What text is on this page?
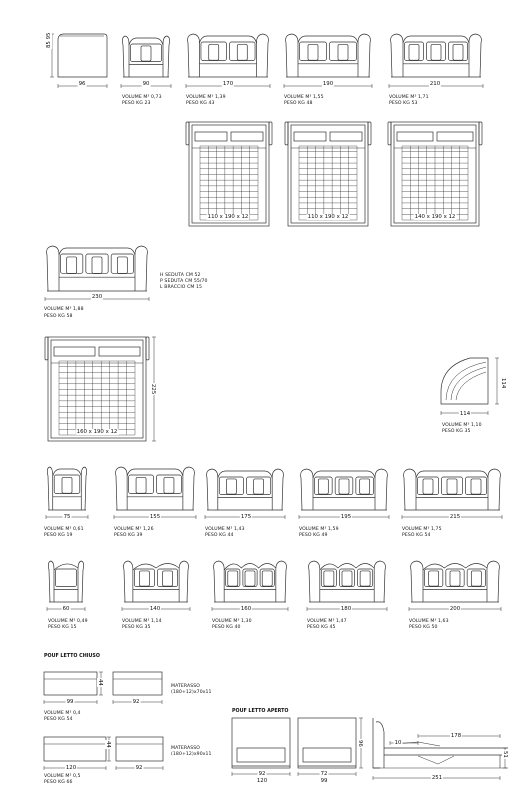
85 95
96	90	170	190	210
VOLUME M³ 0,73
PESO KG 23
VOLUME M³ 1,39
PESO KG 43
VOLUME M³ 1,55
PESO KG 48
VOLUME M³ 1,71
PESO KG 53
110 x 190 x 12	110 x 190 x 12	140 x 190 x 12
H SEDUTA CM 52
P SEDUTA CM 55/70
L BRACCIO CM 15
230
VOLUME M³ 1,88
PESO KG 58
160 x 190 x 12
225
114
114
VOLUME M³ 1,10
PESO KG 35
75	155	175	195	215
VOLUME M³ 0,61
PESO KG 19
VOLUME M³ 1,26
PESO KG 39
VOLUME M³ 1,43
PESO KG 44
VOLUME M³ 1,59
PESO KG 49
VOLUME M³ 1,75
PESO KG 54
60	140	160	180	200
VOLUME M³ 0,49
PESO KG 15
VOLUME M³ 1,14
PESO KG 35
VOLUME M³ 1,30
PESO KG 40
VOLUME M³ 1,47
PESO KG 45
VOLUME M³ 1,63
PESO KG 50
POUF LETTO CHIUSO
44
99	92
MATERASSO
(180+12)x70x11
VOLUME M³ 0,4
PESO KG 54
44
120	92
MATERASSO
(180+12)x90x11
VOLUME M³ 0,5
PESO KG 66
POUF LETTO APERTO
92
120
72
99
96
178
10
51
251
